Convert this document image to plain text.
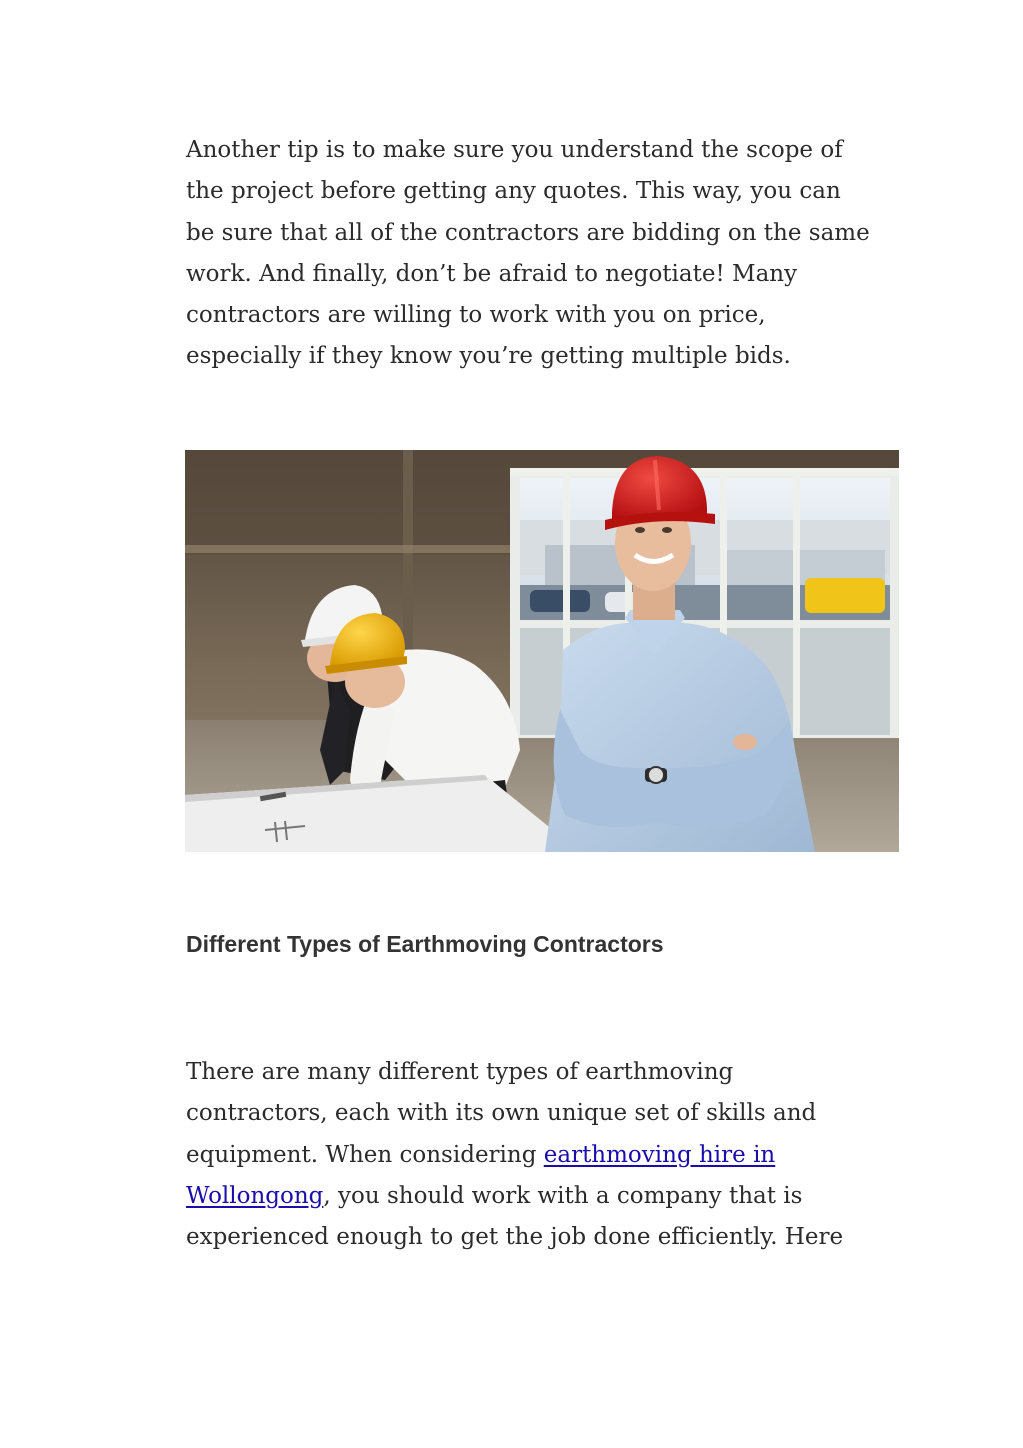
Another tip is to make sure you understand the scope of
the project before getting any quotes. This way, you can
be sure that all of the contractors are bidding on the same
work. And finally, don’t be afraid to negotiate! Many
contractors are willing to work with you on price,
especially if they know you’re getting multiple bids.

Different Types of Earthmoving Contractors

There are many different types of earthmoving
contractors, each with its own unique set of skills and
equipment. When considering earthmoving hire in
Wollongong, you should work with a company that is
experienced enough to get the job done efficiently. Here
